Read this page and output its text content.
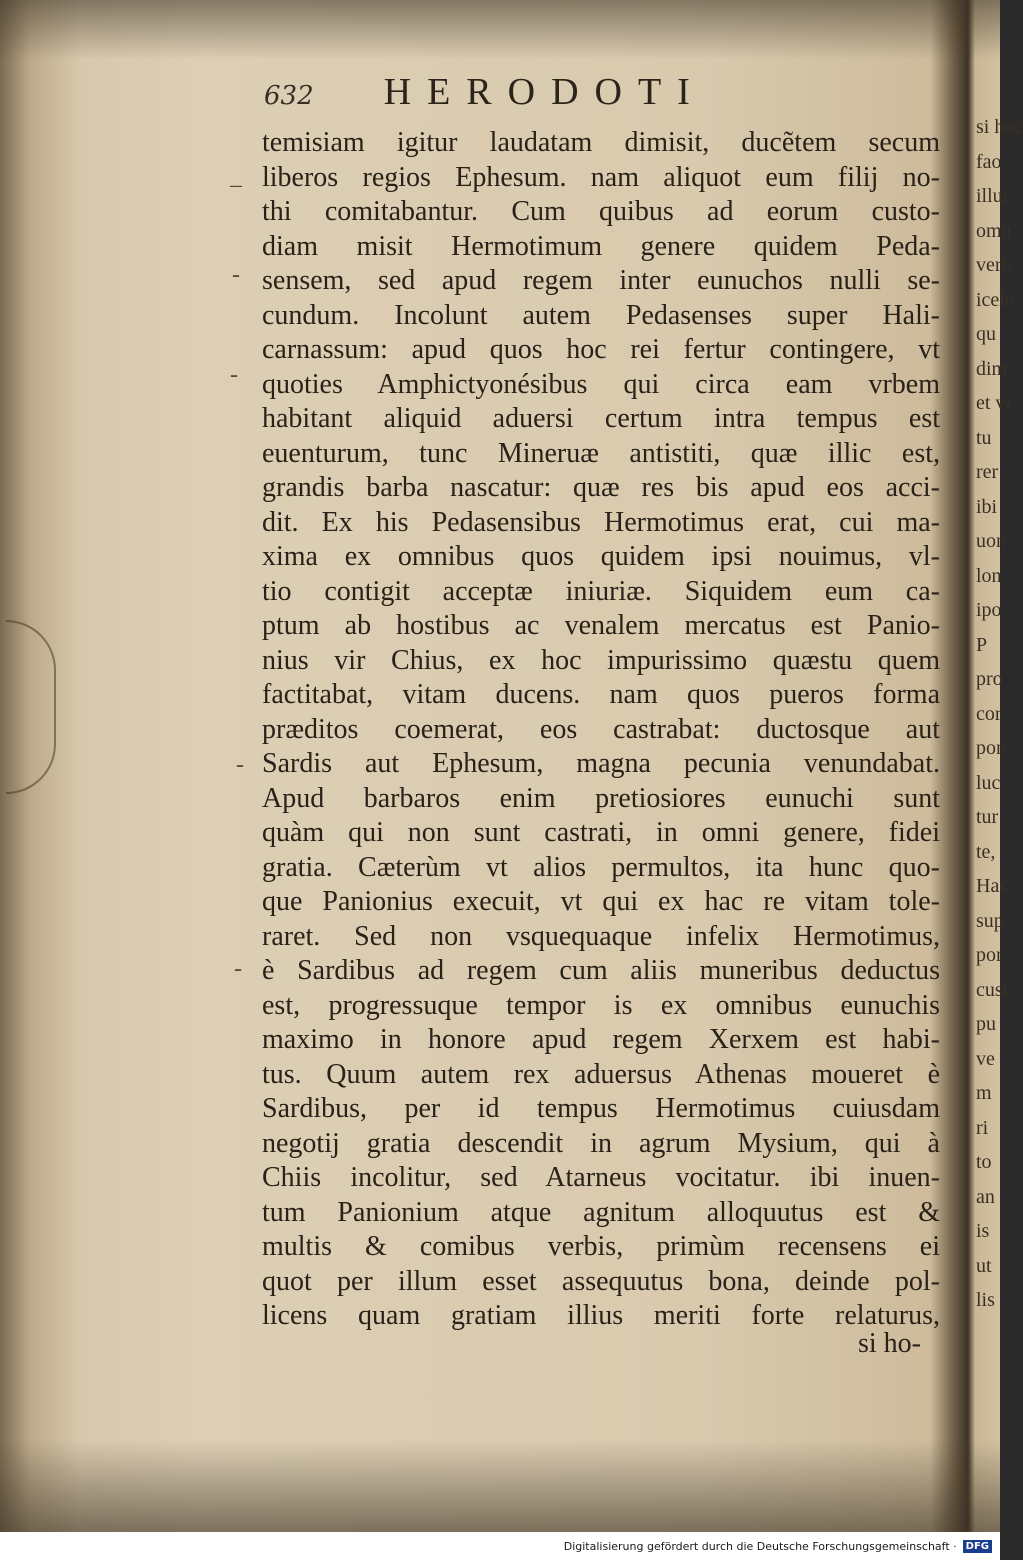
–
-
-
-
-
632 HERODOTI
temisiam igitur laudatam dimisit, ducẽtem secum
liberos regios Ephesum. nam aliquot eum filij no-
thi comitabantur. Cum quibus ad eorum custo-
diam misit Hermotimum genere quidem Peda-
sensem, sed apud regem inter eunuchos nulli se-
cundum. Incolunt autem Pedasenses super Hali-
carnassum: apud quos hoc rei fertur contingere, vt
quoties Amphictyonésibus qui circa eam vrbem
habitant aliquid aduersi certum intra tempus est
euenturum, tunc Mineruæ antistiti, quæ illic est,
grandis barba nascatur: quæ res bis apud eos acci-
dit. Ex his Pedasensibus Hermotimus erat, cui ma-
xima ex omnibus quos quidem ipsi nouimus, vl-
tio contigit acceptæ iniuriæ. Siquidem eum ca-
ptum ab hostibus ac venalem mercatus est Panio-
nius vir Chius, ex hoc impurissimo quæstu quem
factitabat, vitam ducens. nam quos pueros forma
præditos coemerat, eos castrabat: ductosque aut
Sardis aut Ephesum, magna pecunia venundabat.
Apud barbaros enim pretiosiores eunuchi sunt
quàm qui non sunt castrati, in omni genere, fidei
gratia. Cæterùm vt alios permultos, ita hunc quo-
que Panionius execuit, vt qui ex hac re vitam tole-
raret. Sed non vsquequaque infelix Hermotimus,
è Sardibus ad regem cum aliis muneribus deductus
est, progressuque tempor is ex omnibus eunuchis
maximo in honore apud regem Xerxem est habi-
tus. Quum autem rex aduersus Athenas moueret è
Sardibus, per id tempus Hermotimus cuiusdam
negotij gratia descendit in agrum Mysium, qui à
Chiis incolitur, sed Atarneus vocitatur. ibi inuen-
tum Panionium atque agnitum alloquutus est &
multis & comibus verbis, primùm recensens ei
quot per illum esset assequutus bona, deinde pol-
licens quam gratiam illius meriti forte relaturus,
si ho-
si hoc
fao
illuc
omn
verb
icele
qu
dim
et vi
tu
rer
ibi
uon
lon
ipo
P
pro
cor
pon
luc
tur
te,
Hac
sup
por
cust
pu
ve
m
ri
to
an
is
ut
lis
Digitalisierung gefördert durch die Deutsche Forschungsgemeinschaft · DFG
